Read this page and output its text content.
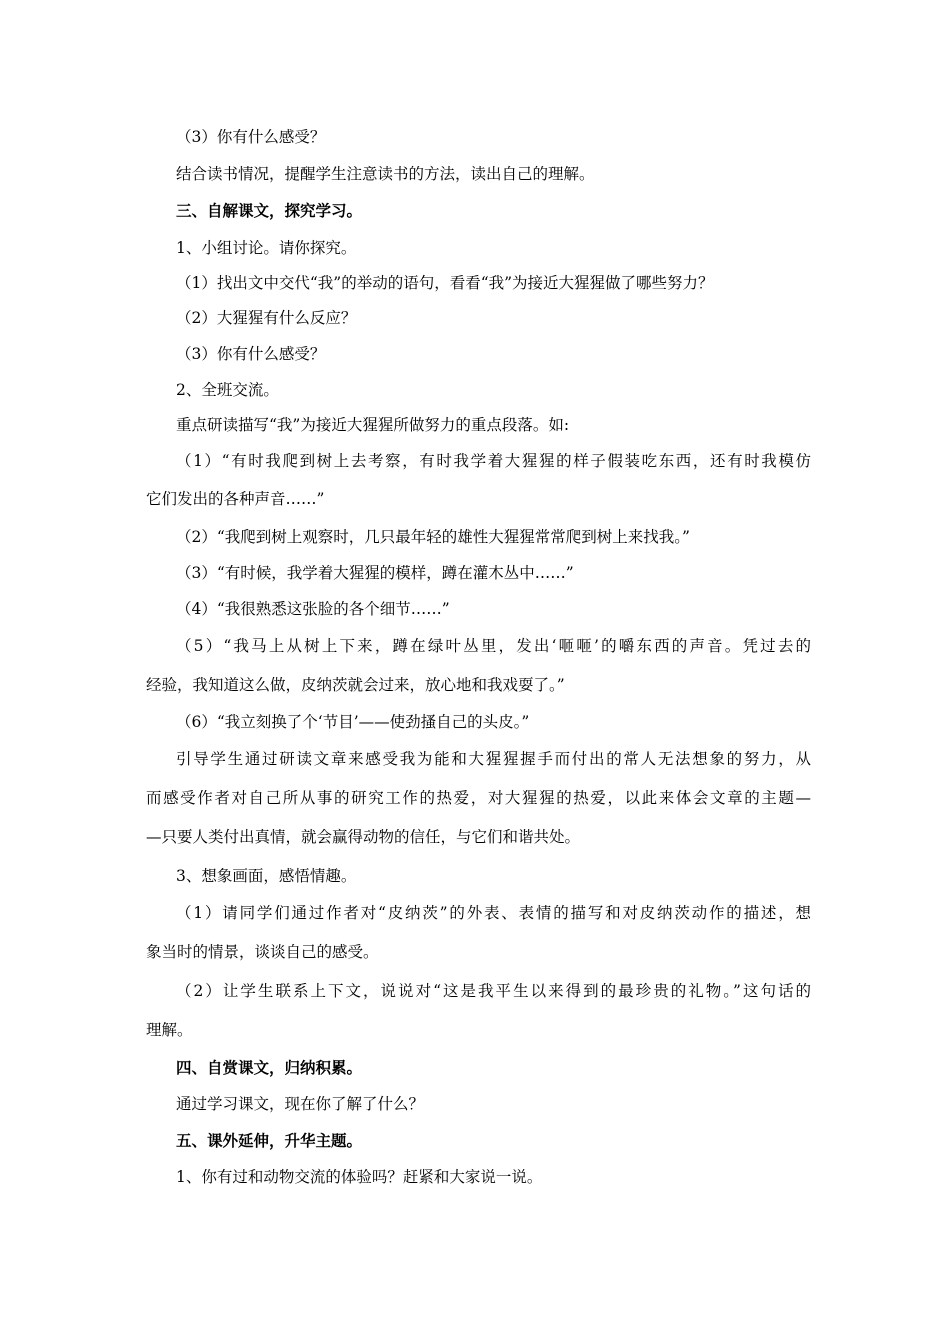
（3）你有什么感受？
结合读书情况，提醒学生注意读书的方法，读出自己的理解。
三、自解课文，探究学习。
1、小组讨论。请你探究。
（1）找出文中交代“我”的举动的语句，看看“我”为接近大猩猩做了哪些努力？
（2）大猩猩有什么反应？
（3）你有什么感受？
2、全班交流。
重点研读描写“我”为接近大猩猩所做努力的重点段落。如:
（1）“有时我爬到树上去考察，有时我学着大猩猩的样子假装吃东西，还有时我模仿
它们发出的各种声音……”
（2）“我爬到树上观察时，几只最年轻的雄性大猩猩常常爬到树上来找我。”
（3）“有时候，我学着大猩猩的模样，蹲在灌木丛中……”
（4）“我很熟悉这张脸的各个细节……”
（5）“我马上从树上下来，蹲在绿叶丛里，发出‘咂咂’的嚼东西的声音。凭过去的
经验，我知道这么做，皮纳茨就会过来，放心地和我戏耍了。”
（6）“我立刻换了个‘节目’——使劲搔自己的头皮。”
引导学生通过研读文章来感受我为能和大猩猩握手而付出的常人无法想象的努力，从
而感受作者对自己所从事的研究工作的热爱，对大猩猩的热爱，以此来体会文章的主题—
—只要人类付出真情，就会赢得动物的信任，与它们和谐共处。
3、想象画面，感悟情趣。
（1）请同学们通过作者对“皮纳茨”的外表、表情的描写和对皮纳茨动作的描述，想
象当时的情景，谈谈自己的感受。
（2）让学生联系上下文，说说对“这是我平生以来得到的最珍贵的礼物。”这句话的
理解。
四、自赏课文，归纳积累。
通过学习课文，现在你了解了什么？
五、课外延伸，升华主题。
1、你有过和动物交流的体验吗？赶紧和大家说一说。
